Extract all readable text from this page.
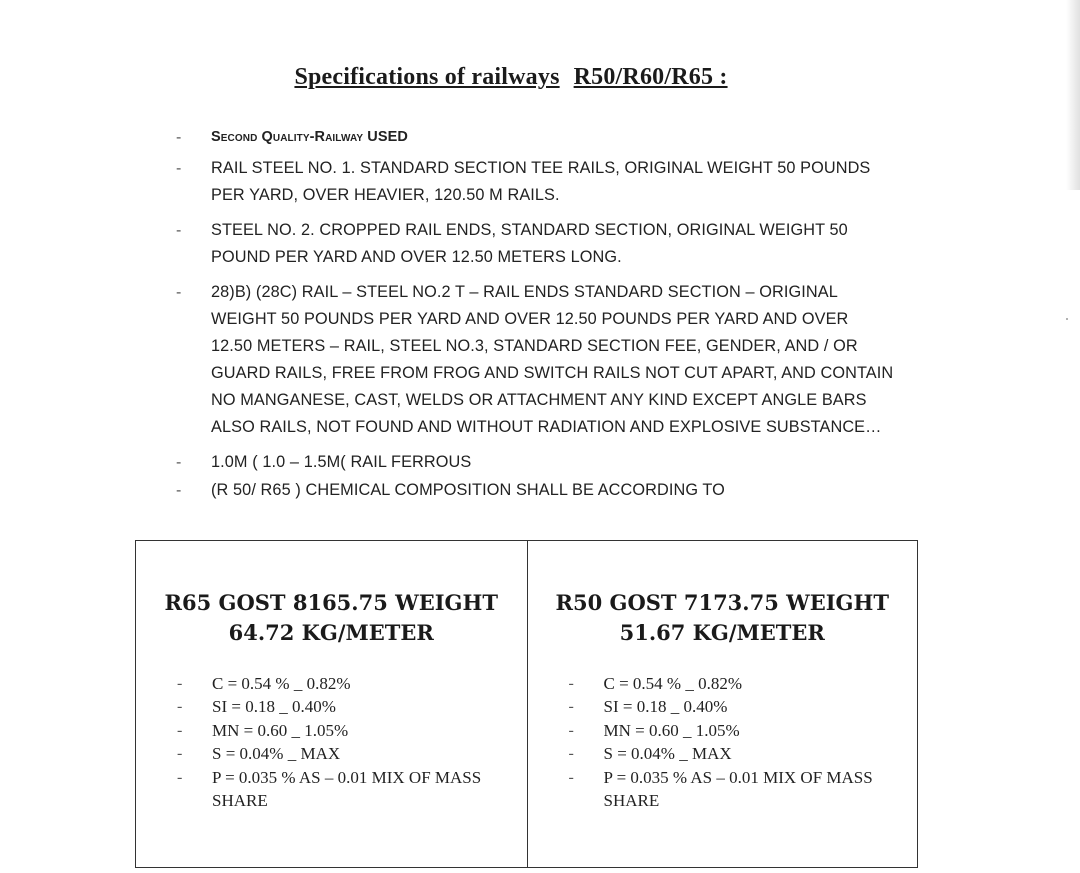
Specifications of railways R50/R60/R65 :
-	Second Quality-Railway USED
-	RAIL STEEL NO. 1. STANDARD SECTION TEE RAILS, ORIGINAL WEIGHT 50 POUNDS
PER YARD, OVER HEAVIER, 120.50 M RAILS.
-	STEEL NO. 2. CROPPED RAIL ENDS, STANDARD SECTION, ORIGINAL WEIGHT 50
POUND PER YARD AND OVER 12.50 METERS LONG.
-	28)B) (28C) RAIL – STEEL NO.2 T – RAIL ENDS STANDARD SECTION – ORIGINAL
WEIGHT 50 POUNDS PER YARD AND OVER 12.50 POUNDS PER YARD AND OVER
12.50 METERS – RAIL, STEEL NO.3, STANDARD SECTION FEE, GENDER, AND / OR
GUARD RAILS, FREE FROM FROG AND SWITCH RAILS NOT CUT APART, AND CONTAIN
NO MANGANESE, CAST, WELDS OR ATTACHMENT ANY KIND EXCEPT ANGLE BARS
ALSO RAILS, NOT FOUND AND WITHOUT RADIATION AND EXPLOSIVE SUBSTANCE…
-	1.0M ( 1.0 – 1.5M( RAIL FERROUS
-	(R 50/ R65 ) CHEMICAL COMPOSITION SHALL BE ACCORDING TO
R65 GOST 8165.75 WEIGHT
64.72 KG/METER
-	C = 0.54 % _ 0.82%
-	SI = 0.18 _ 0.40%
-	MN = 0.60 _ 1.05%
-	S = 0.04% _ MAX
-	P = 0.035 % AS – 0.01 MIX OF MASS
SHARE
R50 GOST 7173.75 WEIGHT
51.67 KG/METER
-	C = 0.54 % _ 0.82%
-	SI = 0.18 _ 0.40%
-	MN = 0.60 _ 1.05%
-	S = 0.04% _ MAX
-	P = 0.035 % AS – 0.01 MIX OF MASS
SHARE
